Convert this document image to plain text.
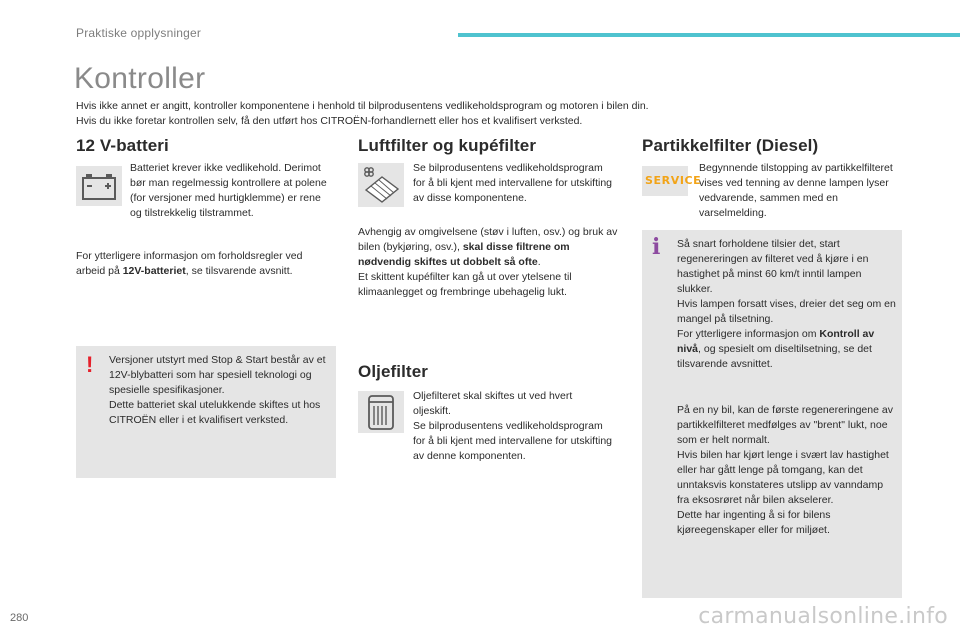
Praktiske opplysninger
Kontroller

Hvis ikke annet er angitt, kontroller komponentene i henhold til bilprodusentens vedlikeholdsprogram og motoren i bilen din.

Hvis du ikke foretar kontrollen selv, få den utført hos CITROËN-forhandlernett eller hos et kvalifisert verksted.

12 V-batteri
Batteriet krever ikke vedlikehold. Derimot bør man regelmessig kontrollere at polene (for versjoner med hurtigklemme) er rene og tilstrekkelig tilstrammet.
For ytterligere informasjon om forholdsregler ved arbeid på 12V-batteriet, se tilsvarende avsnitt.
! Versjoner utstyrt med Stop & Start består av et 12V-blybatteri som har spesiell teknologi og spesielle spesifikasjoner.

Dette batteriet skal utelukkende skiftes ut hos CITROËN eller i et kvalifisert verksted.

Luftfilter og kupéfilter
Se bilprodusentens vedlikeholdsprogram for å bli kjent med intervallene for utskifting av disse komponentene.

Avhengig av omgivelsene (støv i luften, osv.) og bruk av bilen (bykjøring, osv.), skal disse filtrene om nødvendig skiftes ut dobbelt så ofte.

Et skittent kupéfilter kan gå ut over ytelsene til klimaanlegget og frembringe ubehagelig lukt.

Oljefilter

Oljefilteret skal skiftes ut ved hvert oljeskift.

Se bilprodusentens vedlikeholdsprogram for å bli kjent med intervallene for utskifting av denne komponenten.

Partikkelfilter (Diesel)
SERVICE
Begynnende tilstopping av partikkelfilteret vises ved tenning av denne lampen lyser vedvarende, sammen med en varselmelding.
i Så snart forholdene tilsier det, start regenereringen av filteret ved å kjøre i en hastighet på minst 60 km/t inntil lampen slukker.

Hvis lampen forsatt vises, dreier det seg om en mangel på tilsetning.

For ytterligere informasjon om Kontroll av nivå, og spesielt om diseltilsetning, se det tilsvarende avsnittet.

På en ny bil, kan de første regenereringene av partikkelfilteret medfølges av "brent" lukt, noe som er helt normalt.

Hvis bilen har kjørt lenge i svært lav hastighet eller har gått lenge på tomgang, kan det unntaksvis konstateres utslipp av vanndamp fra eksosrøret når bilen akselerer.

Dette har ingenting å si for bilens kjøreegenskaper eller for miljøet.

280	carmanualsonline.info
